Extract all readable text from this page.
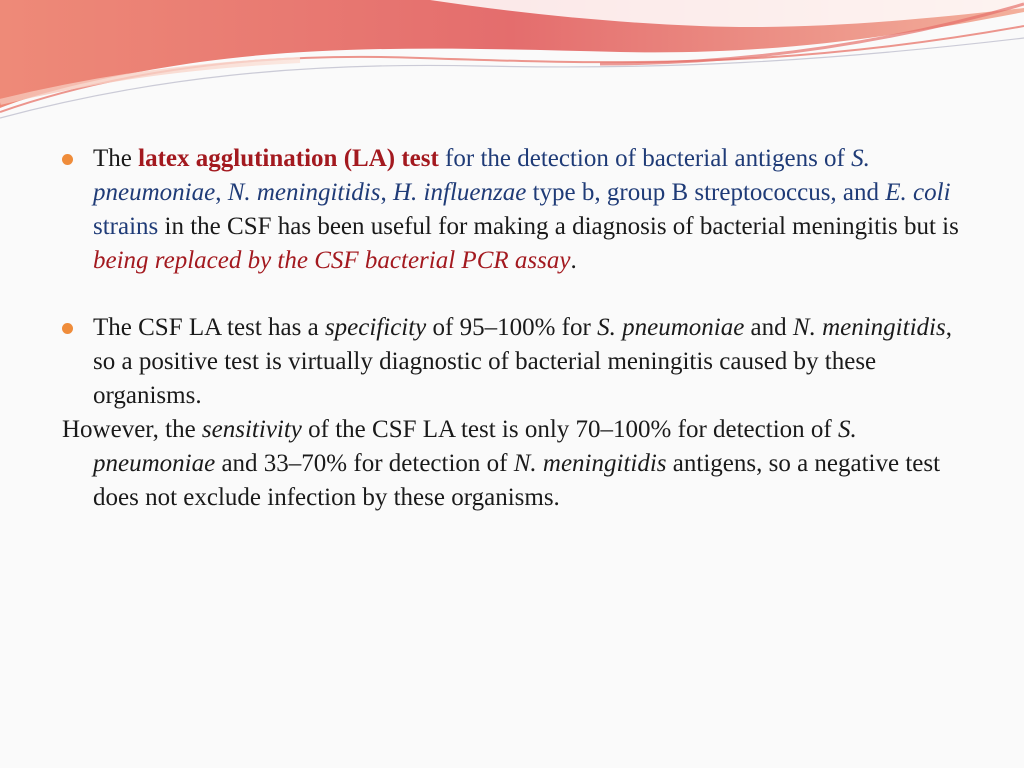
The latex agglutination (LA) test for the detection of bacterial antigens of S. pneumoniae, N. meningitidis, H. influenzae type b, group B streptococcus, and E. coli strains in the CSF has been useful for making a diagnosis of bacterial meningitis but is being replaced by the CSF bacterial PCR assay.

The CSF LA test has a specificity of 95–100% for S. pneumoniae and N. meningitidis, so a positive test is virtually diagnostic of bacterial meningitis caused by these organisms.

However, the sensitivity of the CSF LA test is only 70–100% for detection of S. pneumoniae and 33–70% for detection of N. meningitidis antigens, so a negative test does not exclude infection by these organisms.
